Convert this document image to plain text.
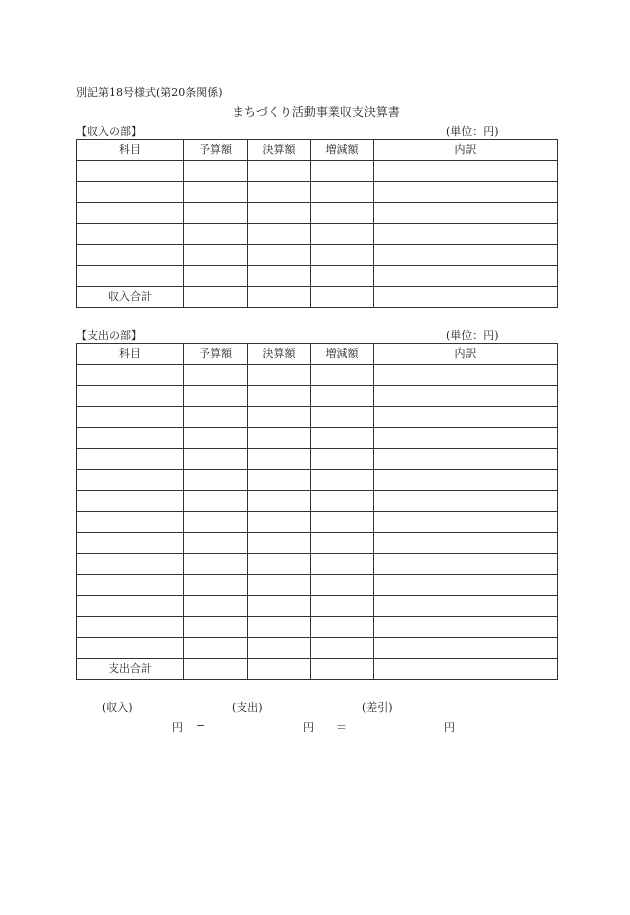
別記第18号様式(第20条関係)
まちづくり活動事業収支決算書
【収入の部】	(単位：円)
科目	予算額	決算額	増減額	内訳

収入合計				
【支出の部】	(単位：円)
科目	予算額	決算額	増減額	内訳

支出合計				
(収入)	(支出)	(差引)
円 −	円 ＝	円
